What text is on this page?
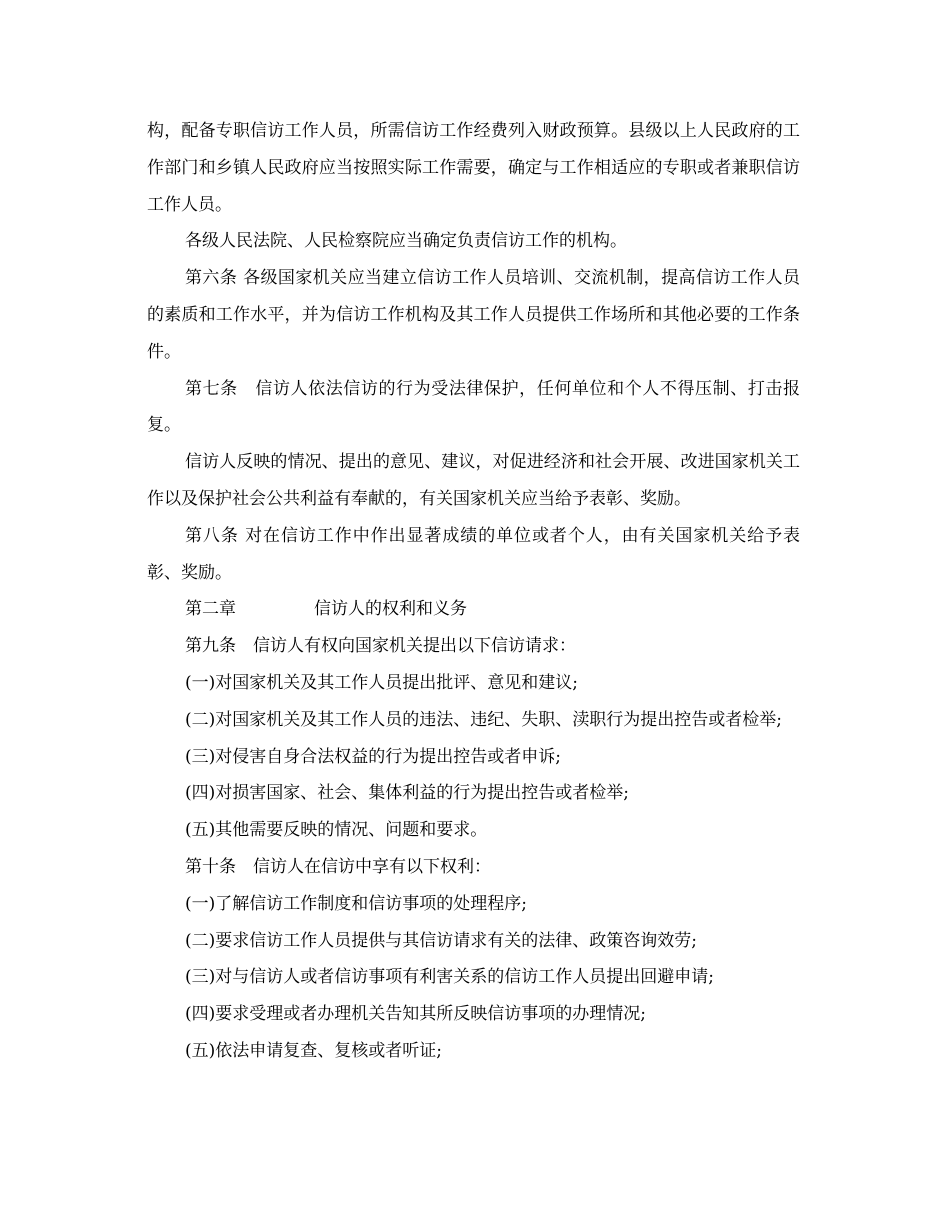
构，配备专职信访工作人员，所需信访工作经费列入财政预算。县级以上人民政府的工作部门和乡镇人民政府应当按照实际工作需要，确定与工作相适应的专职或者兼职信访工作人员。

各级人民法院、人民检察院应当确定负责信访工作的机构。

第六条 各级国家机关应当建立信访工作人员培训、交流机制，提高信访工作人员的素质和工作水平，并为信访工作机构及其工作人员提供工作场所和其他必要的工作条件。

第七条　信访人依法信访的行为受法律保护，任何单位和个人不得压制、打击报复。

信访人反映的情况、提出的意见、建议，对促进经济和社会开展、改进国家机关工作以及保护社会公共利益有奉献的，有关国家机关应当给予表彰、奖励。

第八条 对在信访工作中作出显著成绩的单位或者个人，由有关国家机关给予表彰、奖励。

第二章	信访人的权利和义务

第九条　信访人有权向国家机关提出以下信访请求：

(一)对国家机关及其工作人员提出批评、意见和建议;

(二)对国家机关及其工作人员的违法、违纪、失职、渎职行为提出控告或者检举;

(三)对侵害自身合法权益的行为提出控告或者申诉;

(四)对损害国家、社会、集体利益的行为提出控告或者检举;

(五)其他需要反映的情况、问题和要求。

第十条　信访人在信访中享有以下权利：

(一)了解信访工作制度和信访事项的处理程序;

(二)要求信访工作人员提供与其信访请求有关的法律、政策咨询效劳;

(三)对与信访人或者信访事项有利害关系的信访工作人员提出回避申请;

(四)要求受理或者办理机关告知其所反映信访事项的办理情况;

(五)依法申请复查、复核或者听证;
